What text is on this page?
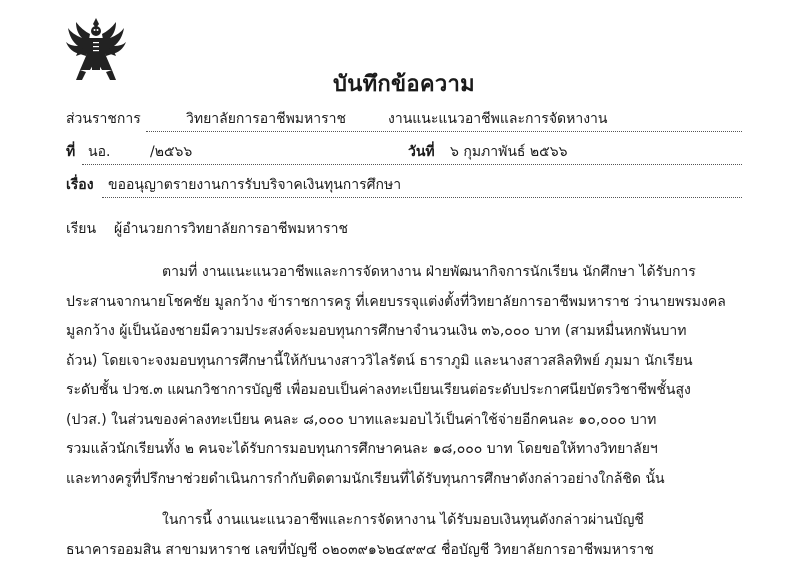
บันทึกข้อความ
ส่วนราชการ	วิทยาลัยการอาชีพมหาราช	งานแนะแนวอาชีพและการจัดหางาน
ที่ นอ.	/๒๕๖๖	วันที่ ๖ กุมภาพันธ์ ๒๕๖๖
เรื่อง ขออนุญาตรายงานการรับบริจาคเงินทุนการศึกษา
เรียน ผู้อำนวยการวิทยาลัยการอาชีพมหาราช

ตามที่ งานแนะแนวอาชีพและการจัดหางาน ฝ่ายพัฒนากิจการนักเรียน นักศึกษา ได้รับการ

ประสานจากนายโชคชัย มูลกว้าง ข้าราชการครู ที่เคยบรรจุแต่งตั้งที่วิทยาลัยการอาชีพมหาราช ว่านายพรมงคล

มูลกว้าง ผู้เป็นน้องชายมีความประสงค์จะมอบทุนการศึกษาจำนวนเงิน ๓๖,๐๐๐ บาท (สามหมื่นหกพันบาท

ถ้วน) โดยเจาะจงมอบทุนการศึกษานี้ให้กับนางสาววิไลรัตน์ ธาราภูมิ และนางสาวสลิลทิพย์ ภุมมา นักเรียน

ระดับชั้น ปวช.๓ แผนกวิชาการบัญชี เพื่อมอบเป็นค่าลงทะเบียนเรียนต่อระดับประกาศนียบัตรวิชาชีพชั้นสูง

(ปวส.) ในส่วนของค่าลงทะเบียน คนละ ๘,๐๐๐ บาทและมอบไว้เป็นค่าใช้จ่ายอีกคนละ ๑๐,๐๐๐ บาท

รวมแล้วนักเรียนทั้ง ๒ คนจะได้รับการมอบทุนการศึกษาคนละ ๑๘,๐๐๐ บาท โดยขอให้ทางวิทยาลัยฯ

และทางครูที่ปรึกษาช่วยดำเนินการกำกับติดตามนักเรียนที่ได้รับทุนการศึกษาดังกล่าวอย่างใกล้ชิด นั้น

ในการนี้ งานแนะแนวอาชีพและการจัดหางาน ได้รับมอบเงินทุนดังกล่าวผ่านบัญชี

ธนาคารออมสิน สาขามหาราช เลขที่บัญชี ๐๒๐๓๙๑๖๒๔๙๙๔ ชื่อบัญชี วิทยาลัยการอาชีพมหาราช
